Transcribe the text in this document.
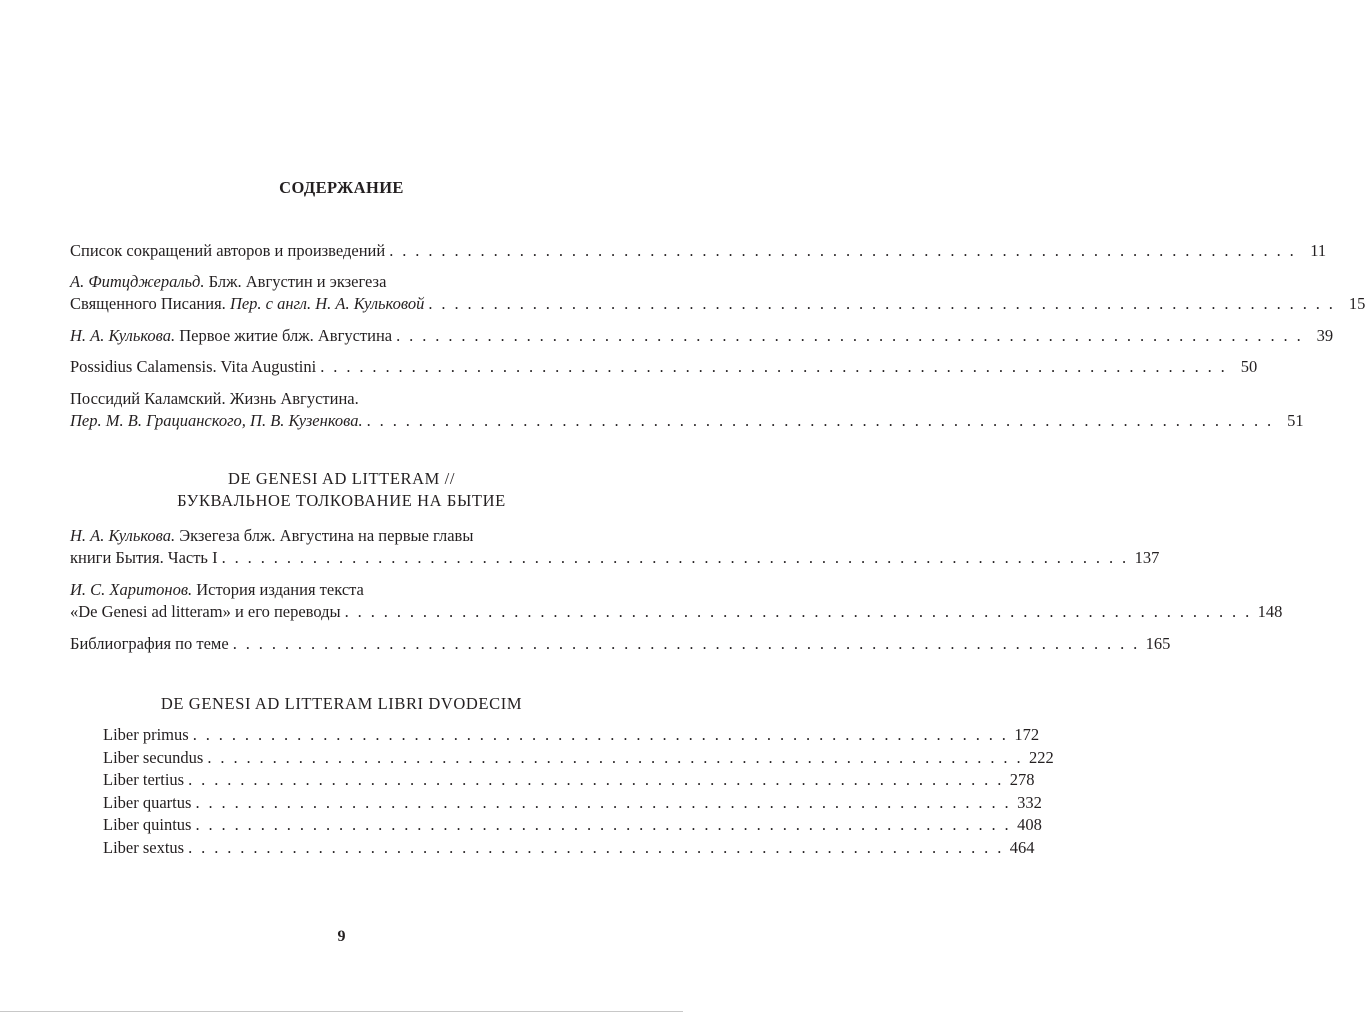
СОДЕРЖАНИЕ
Список сокращений авторов и произведений . . . . . . . . . . . . . . . . . . . . . . . . . . . . . . . . . . . . . . . . . . . . . . . . . . . . . . . . . . . . . . . . . . . . . . 11
А. Фитцджеральд. Блж. Августин и экзегеза
Священного Писания. Пер. с англ. Н. А. Кульковой . . . . . . . . . . . . . . . . . . . . . . . . . . . . . . . . . . . . . . . . . . . . . . . . . . . . . . . . . . . . . . . . . . . . . . 15
Н. А. Кулькова. Первое житие блж. Августина . . . . . . . . . . . . . . . . . . . . . . . . . . . . . . . . . . . . . . . . . . . . . . . . . . . . . . . . . . . . . . . . . . . . . . 39
Possidius Calamensis. Vita Augustini . . . . . . . . . . . . . . . . . . . . . . . . . . . . . . . . . . . . . . . . . . . . . . . . . . . . . . . . . . . . . . . . . . . . . . 50
Поссидий Каламский. Жизнь Августина.
Пер. М. В. Грацианского, П. В. Кузенкова. . . . . . . . . . . . . . . . . . . . . . . . . . . . . . . . . . . . . . . . . . . . . . . . . . . . . . . . . . . . . . . . . . . . . . . 51
DE GENESI AD LITTERAM //
БУКВАЛЬНОЕ ТОЛКОВАНИЕ НА БЫТИЕ
Н. А. Кулькова. Экзегеза блж. Августина на первые главы
книги Бытия. Часть I . . . . . . . . . . . . . . . . . . . . . . . . . . . . . . . . . . . . . . . . . . . . . . . . . . . . . . . . . . . . . . . . . . . . . . 137
И. С. Харитонов. История издания текста
«De Genesi ad litteram» и его переводы . . . . . . . . . . . . . . . . . . . . . . . . . . . . . . . . . . . . . . . . . . . . . . . . . . . . . . . . . . . . . . . . . . . . . . 148
Библиография по теме . . . . . . . . . . . . . . . . . . . . . . . . . . . . . . . . . . . . . . . . . . . . . . . . . . . . . . . . . . . . . . . . . . . . . . 165
DE GENESI AD LITTERAM LIBRI DVODECIM
Liber primus . . . . . . . . . . . . . . . . . . . . . . . . . . . . . . . . . . . . . . . . . . . . . . . . . . . . . . . . . . . . . . . 172
Liber secundus . . . . . . . . . . . . . . . . . . . . . . . . . . . . . . . . . . . . . . . . . . . . . . . . . . . . . . . . . . . . . . . 222
Liber tertius . . . . . . . . . . . . . . . . . . . . . . . . . . . . . . . . . . . . . . . . . . . . . . . . . . . . . . . . . . . . . . . 278
Liber quartus . . . . . . . . . . . . . . . . . . . . . . . . . . . . . . . . . . . . . . . . . . . . . . . . . . . . . . . . . . . . . . . 332
Liber quintus . . . . . . . . . . . . . . . . . . . . . . . . . . . . . . . . . . . . . . . . . . . . . . . . . . . . . . . . . . . . . . . 408
Liber sextus . . . . . . . . . . . . . . . . . . . . . . . . . . . . . . . . . . . . . . . . . . . . . . . . . . . . . . . . . . . . . . . 464
9
